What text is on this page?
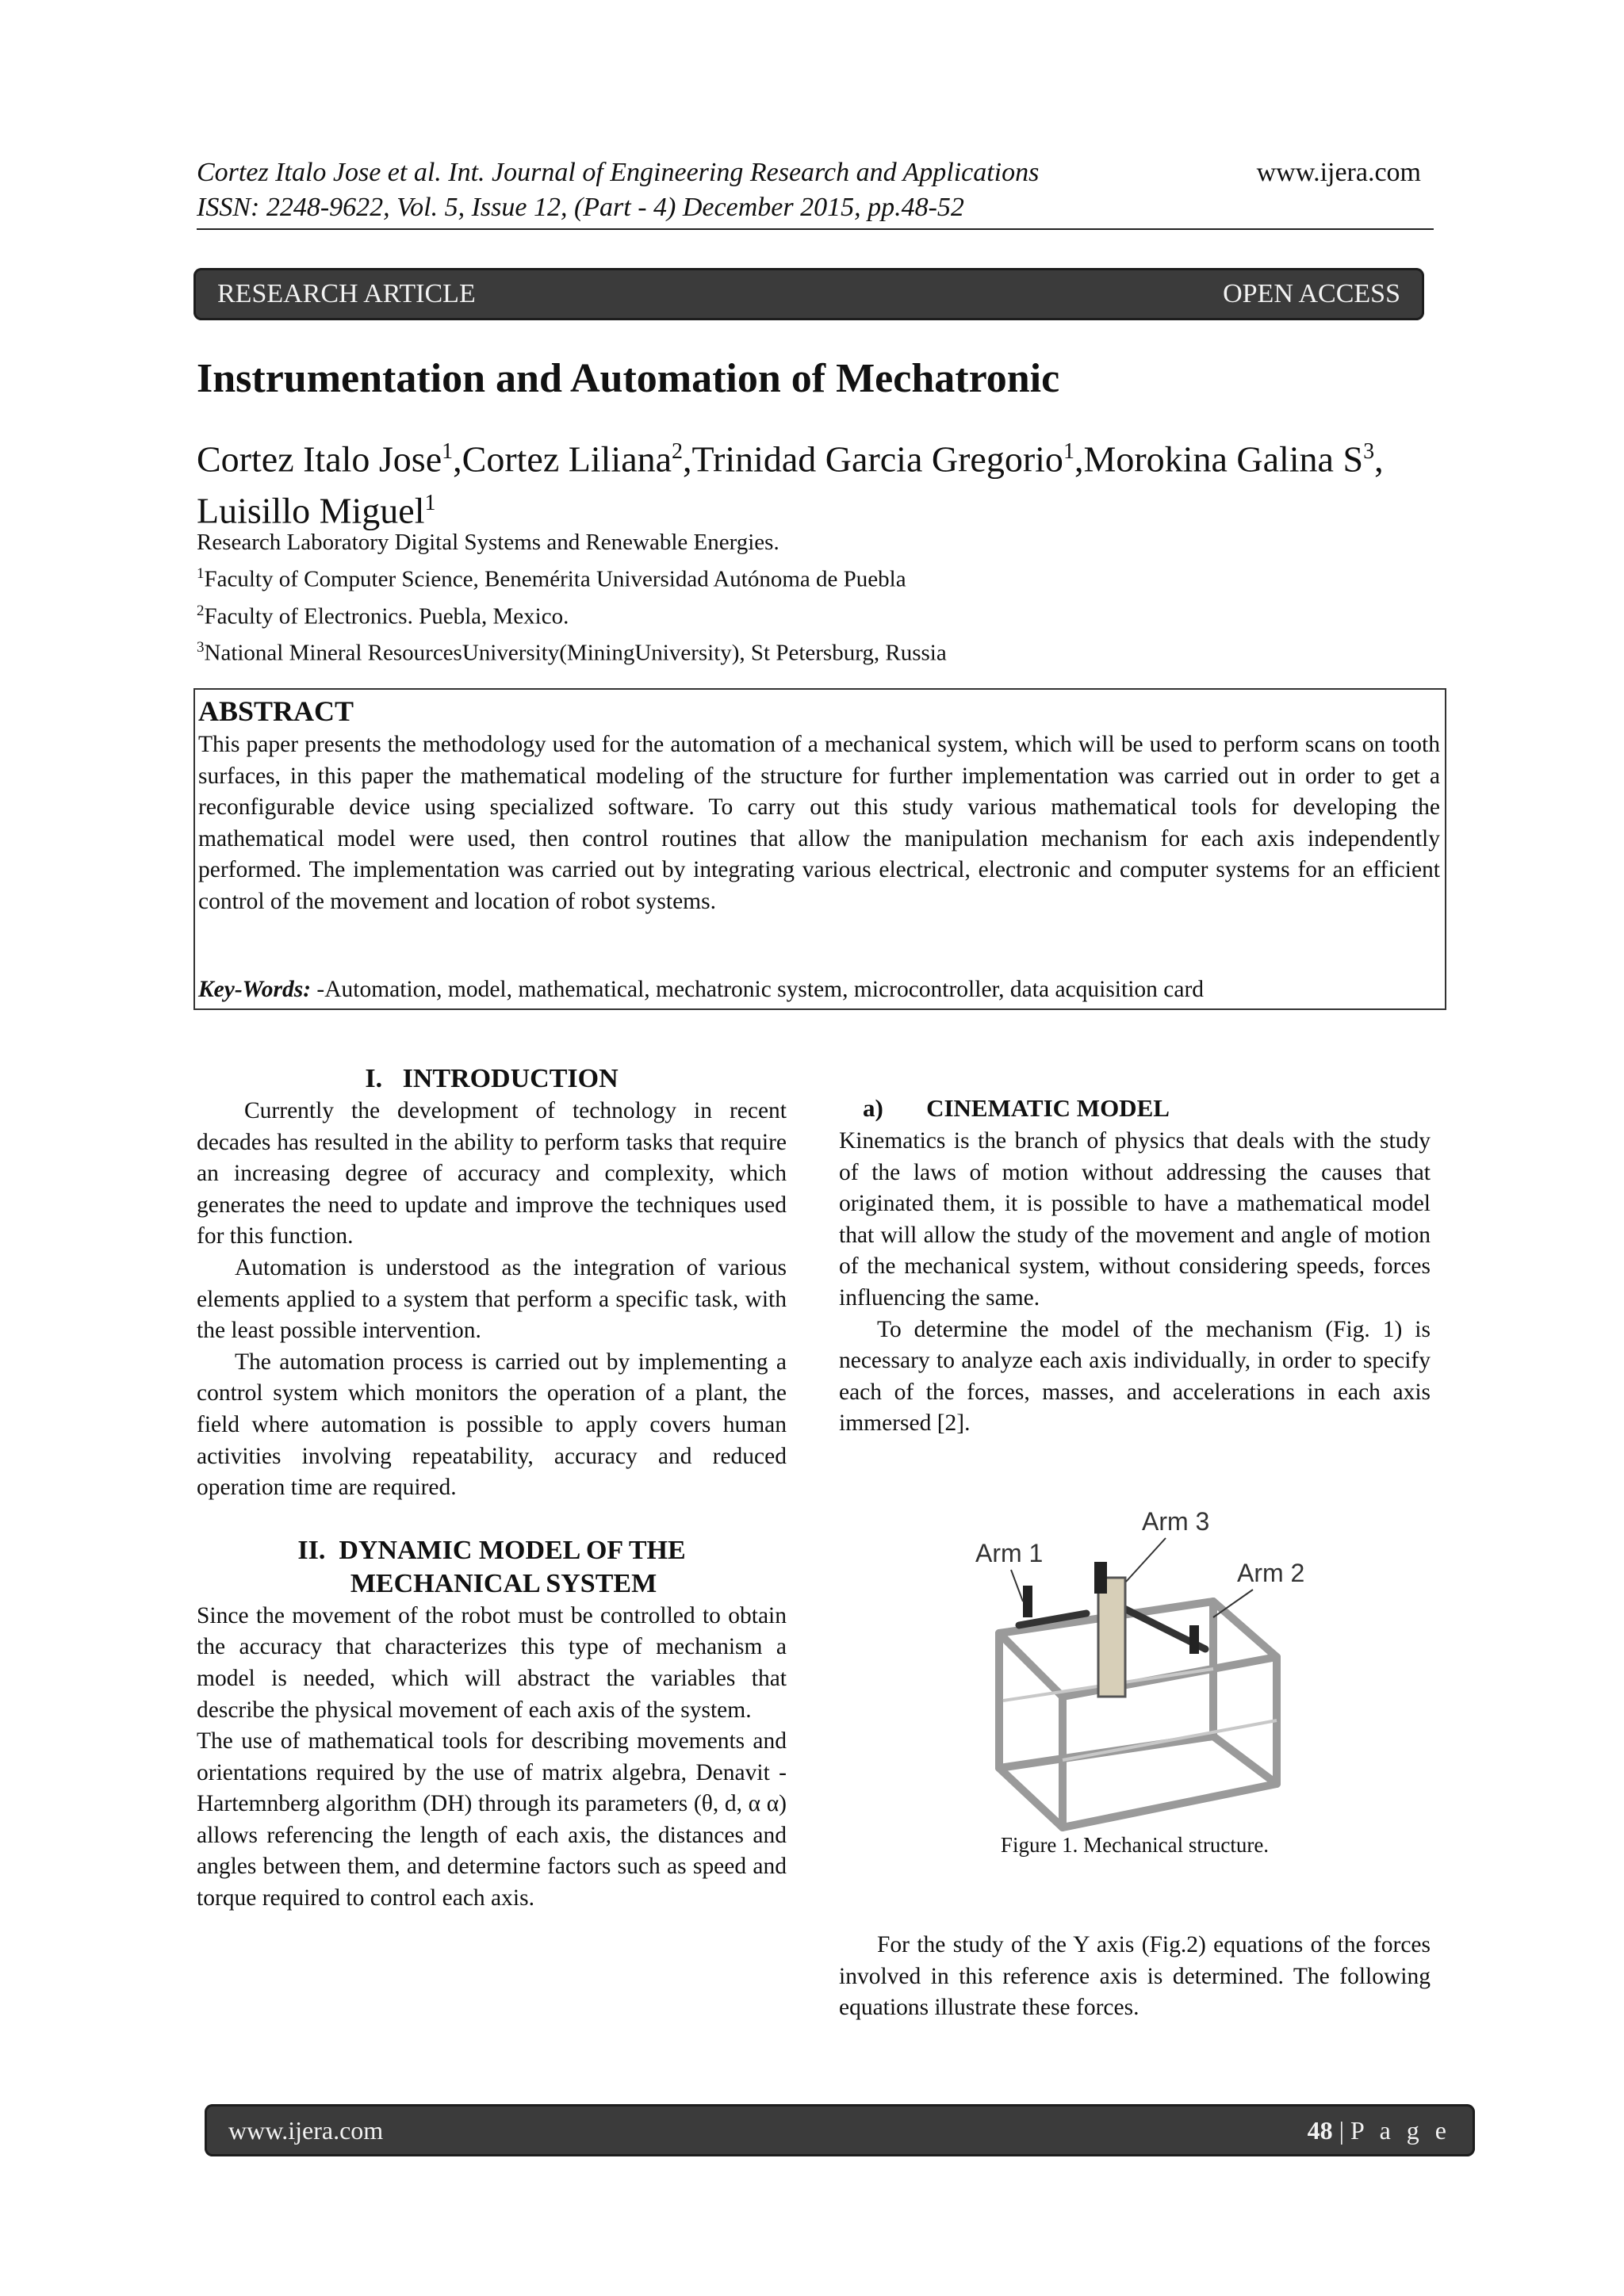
Cortez Italo Jose et al. Int. Journal of Engineering Research and Applications
ISSN: 2248-9622, Vol. 5, Issue 12, (Part - 4) December 2015, pp.48-52
www.ijera.com
RESEARCH ARTICLE	OPEN ACCESS
Instrumentation and Automation of Mechatronic
Cortez Italo Jose$^1$,Cortez Liliana$^2$,Trinidad Garcia Gregorio$^1$,Morokina Galina $S^3$, Luisillo Miguel$^1$
Research Laboratory Digital Systems and Renewable Energies.
$^1$Faculty of Computer Science, Benemérita Universidad Autónoma de Puebla
$^2$Faculty of Electronics. Puebla, Mexico.
$^3$National Mineral ResourcesUniversity(MiningUniversity), St Petersburg, Russia
ABSTRACT
This paper presents the methodology used for the automation of a mechanical system, which will be used to perform scans on tooth surfaces, in this paper the mathematical modeling of the structure for further implementation was carried out in order to get a reconfigurable device using specialized software. To carry out this study various mathematical tools for developing the mathematical model were used, then control routines that allow the manipulation mechanism for each axis independently performed. The implementation was carried out by integrating various electrical, electronic and computer systems for an efficient control of the movement and location of robot systems.
Key-Words: -Automation, model, mathematical, mechatronic system, microcontroller, data acquisition card
I.   INTRODUCTION

Currently the development of technology in recent decades has resulted in the ability to perform tasks that require an increasing degree of accuracy and complexity, which generates the need to update and improve the techniques used for this function.

Automation is understood as the integration of various elements applied to a system that perform a specific task, with the least possible intervention.

The automation process is carried out by implementing a control system which monitors the operation of a plant, the field where automation is possible to apply covers human activities involving repeatability, accuracy and reduced operation time are required.

II.  DYNAMIC MODEL OF THE
MECHANICAL SYSTEM

Since the movement of the robot must be controlled to obtain the accuracy that characterizes this type of mechanism a model is needed, which will abstract the variables that describe the physical movement of each axis of the system.

The use of mathematical tools for describing movements and orientations required by the use of matrix algebra, Denavit - Hartemnberg algorithm (DH) through its parameters (θ, d, α α) allows referencing the length of each axis, the distances and angles between them, and determine factors such as speed and torque required to control each axis.

a)       CINEMATIC MODEL

Kinematics is the branch of physics that deals with the study of the laws of motion without addressing the causes that originated them, it is possible to have a mathematical model that will allow the study of the movement and angle of motion of the mechanical system, without considering speeds, forces influencing the same.

To determine the model of the mechanism (Fig. 1) is necessary to analyze each axis individually, in order to specify each of the forces, masses, and accelerations in each axis immersed [2].

Arm 1
Arm 3
Arm 2
Figure 1. Mechanical structure.
For the study of the Y axis (Fig.2) equations of the forces involved in this reference axis is determined. The following equations illustrate these forces.
www.ijera.com	48 | P a g e
